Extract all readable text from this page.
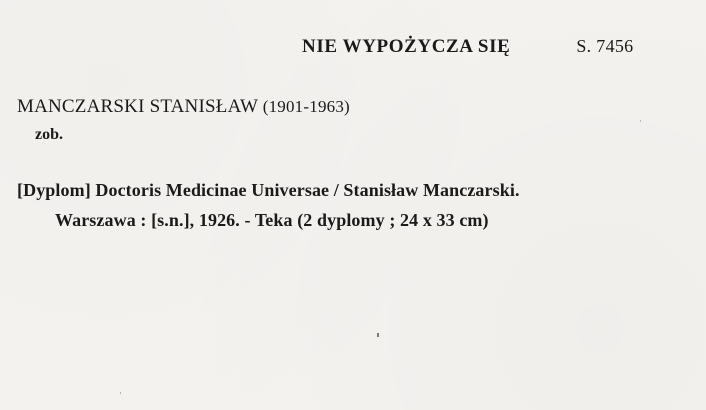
NIE WYPOŻYCZA SIĘ	S. 7456
MANCZARSKI STANISŁAW (1901-1963)
zob.
[Dyplom] Doctoris Medicinae Universae / Stanisław Manczarski.
Warszawa : [s.n.], 1926. - Teka (2 dyplomy ; 24 x 33 cm)
